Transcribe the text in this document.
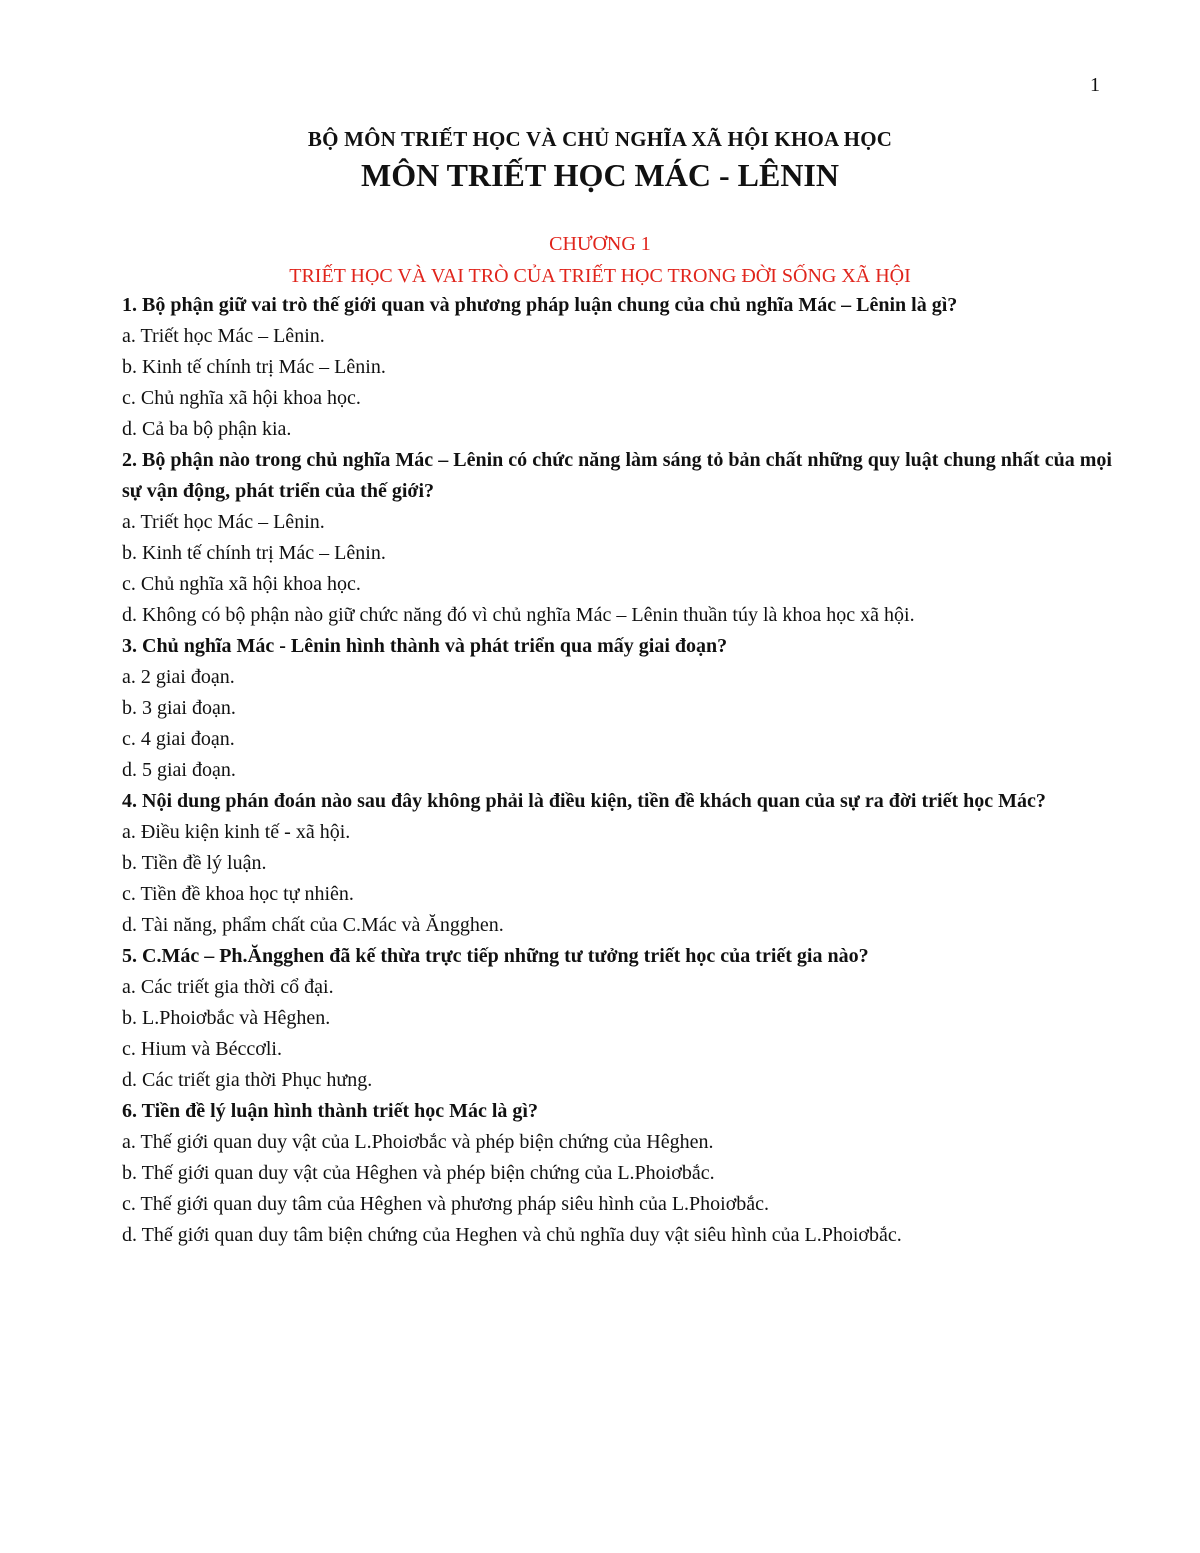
1
BỘ MÔN TRIẾT HỌC VÀ CHỦ NGHĨA XÃ HỘI KHOA HỌC
MÔN TRIẾT HỌC MÁC - LÊNIN
CHƯƠNG 1
TRIẾT HỌC VÀ VAI TRÒ CỦA TRIẾT HỌC TRONG ĐỜI SỐNG XÃ HỘI
1. Bộ phận giữ vai trò thế giới quan và phương pháp luận chung của chủ nghĩa Mác – Lênin là gì?
a. Triết học Mác – Lênin.
b. Kinh tế chính trị Mác – Lênin.
c. Chủ nghĩa xã hội khoa học.
d. Cả ba bộ phận kia.
2. Bộ phận nào trong chủ nghĩa Mác – Lênin có chức năng làm sáng tỏ bản chất những quy luật chung nhất của mọi sự vận động, phát triển của thế giới?
a. Triết học Mác – Lênin.
b. Kinh tế chính trị Mác – Lênin.
c. Chủ nghĩa xã hội khoa học.
d. Không có bộ phận nào giữ chức năng đó vì chủ nghĩa Mác – Lênin thuần túy là khoa học xã hội.
3. Chủ nghĩa Mác - Lênin hình thành và phát triển qua mấy giai đoạn?
a. 2 giai đoạn.
b. 3 giai đoạn.
c. 4 giai đoạn.
d. 5 giai đoạn.
4. Nội dung phán đoán nào sau đây không phải là điều kiện, tiền đề khách quan của sự ra đời triết học Mác?
a. Điều kiện kinh tế - xã hội.
b. Tiền đề lý luận.
c. Tiền đề khoa học tự nhiên.
d. Tài năng, phẩm chất của C.Mác và Ăngghen.
5. C.Mác – Ph.Ăngghen đã kế thừa trực tiếp những tư tưởng triết học của triết gia nào?
a. Các triết gia thời cổ đại.
b. L.Phoiơbắc và Hêghen.
c. Hium và Béccơli.
d. Các triết gia thời Phục hưng.
6. Tiền đề lý luận hình thành triết học Mác là gì?
a. Thế giới quan duy vật của L.Phoiơbắc và phép biện chứng của Hêghen.
b. Thế giới quan duy vật của Hêghen và phép biện chứng của L.Phoiơbắc.
c. Thế giới quan duy tâm của Hêghen và phương pháp siêu hình của L.Phoiơbắc.
d. Thế giới quan duy tâm biện chứng của Heghen và chủ nghĩa duy vật siêu hình của L.Phoiơbắc.
